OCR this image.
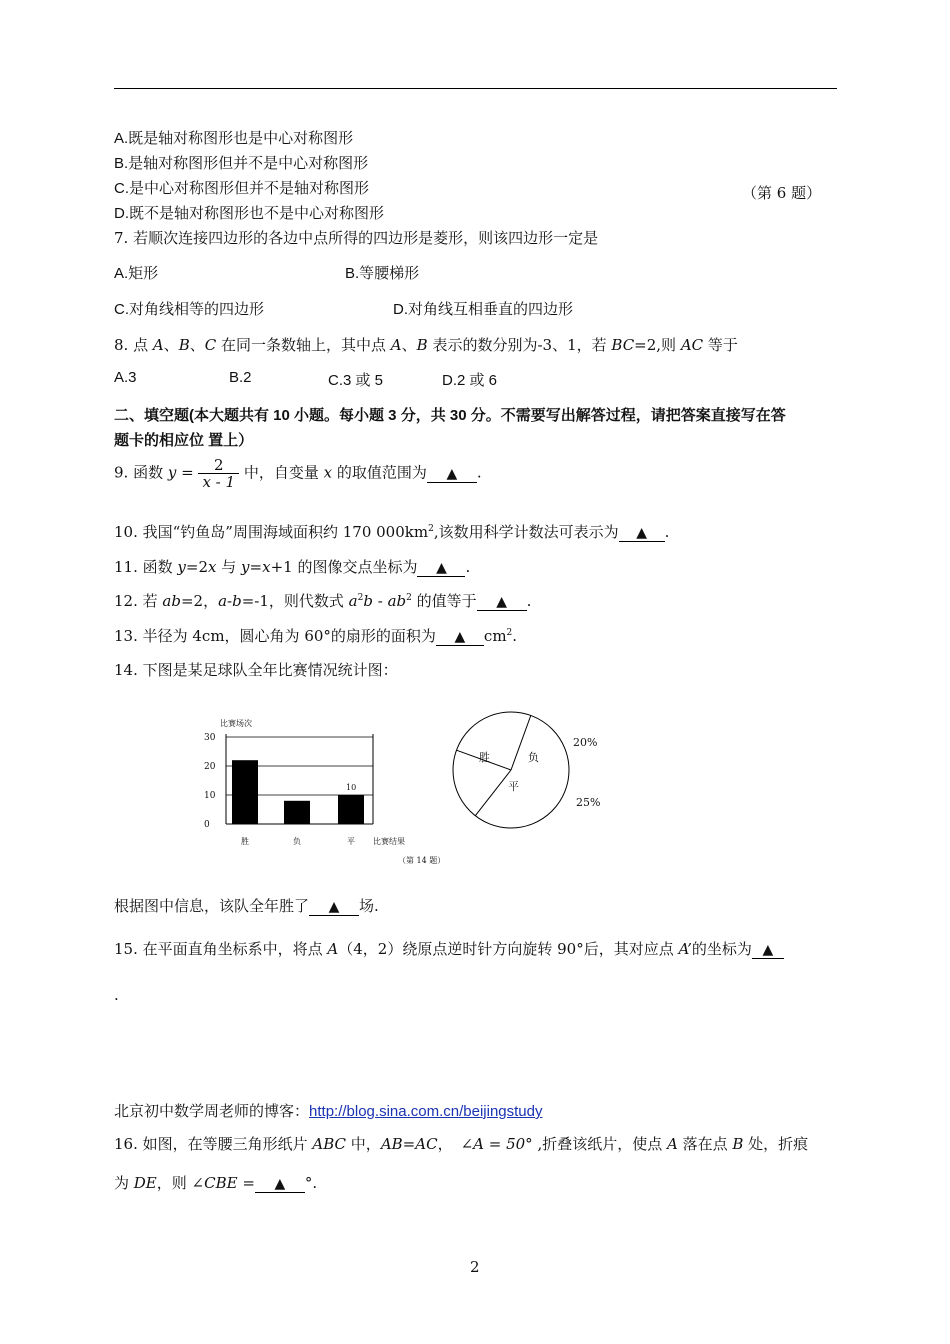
A.既是轴对称图形也是中心对称图形
B.是轴对称图形但并不是中心对称图形
C.是中心对称图形但并不是轴对称图形	（第 6 题）
D.既不是轴对称图形也不是中心对称图形
7. 若顺次连接四边形的各边中点所得的四边形是菱形，则该四边形一定是
A.矩形	B.等腰梯形
C.对角线相等的四边形	D.对角线互相垂直的四边形
8. 点 A、B、C 在同一条数轴上，其中点 A、B 表示的数分别为-3、1，若 BC=2,则 AC 等于
A.3	B.2	C.3 或 5	D.2 或 6
二、填空题(本大题共有 10 小题。每小题 3 分，共 30 分。不需要写出解答过程，请把答案直接写在答
题卡的相应位 置上）
9. 函数 $y = \frac{2}{x - 1}$ 中，自变量 x 的取值范围为 ▲ .
10. 我国“钓鱼岛”周围海域面积约 170 $000km^2$,该数用科学计数法可表示为 ▲ .
11. 函数 y=2x 与 y=x+1 的图像交点坐标为 ▲ .
12. 若 ab=2，a-b=-1，则代数式 $a^2b - ab^2$ 的值等于 ▲ .
13. 半径为 4cm，圆心角为 60°的扇形的面积为 ▲ $cm^2$.
14. 下图是某足球队全年比赛情况统计图：
比赛场次
0
10
20
30
10
胜	负	平 比赛结果
（第 14 题）
胜	负
平
20%
25%
根据图中信息，该队全年胜了 ▲ 场.
15. 在平面直角坐标系中，将点 A（4，2）绕原点逆时针方向旋转 90°后，其对应点 A’的坐标为 ▲
.
北京初中数学周老师的博客：http://blog.sina.com.cn/beijingstudy
16. 如图，在等腰三角形纸片 ABC 中，AB=AC， ∠A = 50° ,折叠该纸片，使点 A 落在点 B 处，折痕
为 DE，则 ∠CBE = ▲ °.
2
